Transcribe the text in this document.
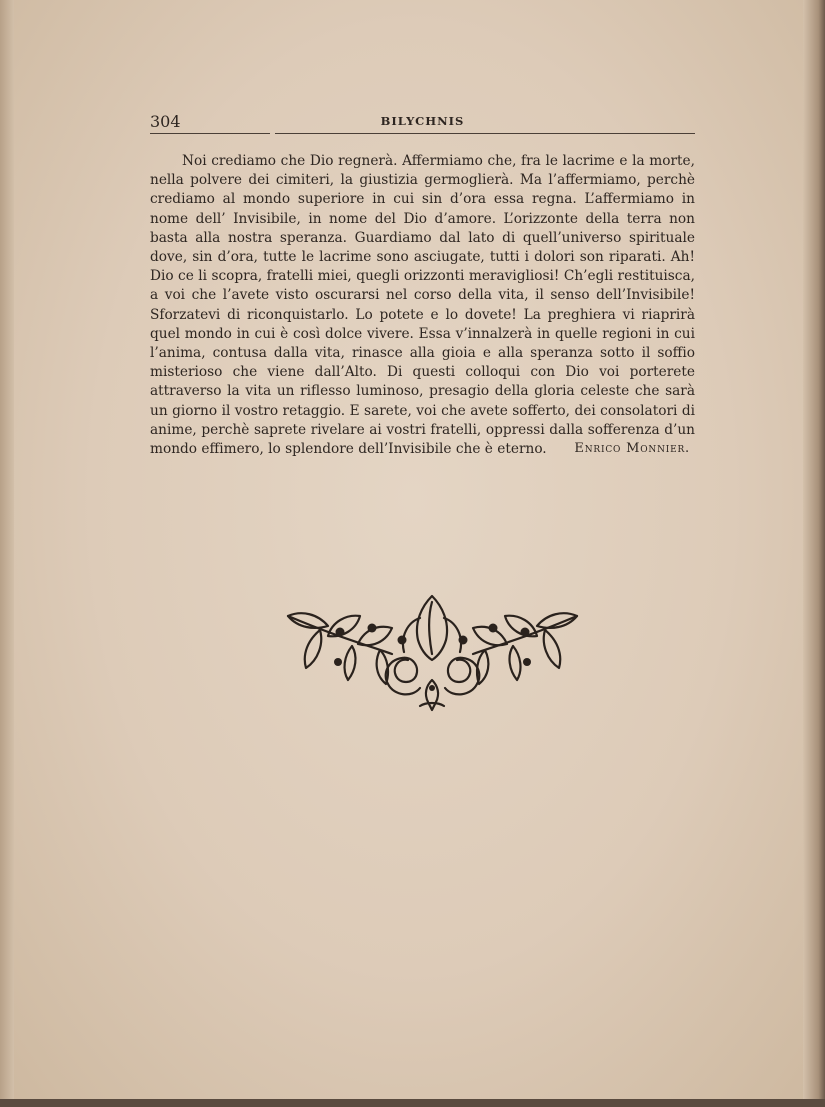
304	BILYCHNIS

Noi crediamo che Dio regnerà. Affermiamo che, fra le lacrime e la morte, nella polvere dei cimiteri, la giustizia germoglierà. Ma l’affermiamo, perchè crediamo al mondo superiore in cui sin d’ora essa regna. L’affermiamo in nome dell’ Invisibile, in nome del Dio d’amore. L’orizzonte della terra non basta alla nostra speranza. Guardiamo dal lato di quell’universo spirituale dove, sin d’ora, tutte le lacrime sono asciugate, tutti i dolori son riparati. Ah! Dio ce li scopra, fratelli miei, quegli orizzonti meravigliosi! Ch’egli restituisca, a voi che l’avete visto oscurarsi nel corso della vita, il senso dell’Invisibile! Sforzatevi di riconquistarlo. Lo potete e lo dovete! La preghiera vi riaprirà quel mondo in cui è così dolce vivere. Essa v’innalzerà in quelle regioni in cui l’anima, contusa dalla vita, rinasce alla gioia e alla speranza sotto il soffio misterioso che viene dall’Alto. Di questi colloqui con Dio voi porterete attraverso la vita un riflesso luminoso, presagio della gloria celeste che sarà un giorno il vostro retaggio. E sarete, voi che avete sofferto, dei consolatori di anime, perchè saprete rivelare ai vostri fratelli, oppressi dalla sofferenza d’un mondo effimero, lo splendore dell’Invisibile che è eterno.	Enrico Monnier.
